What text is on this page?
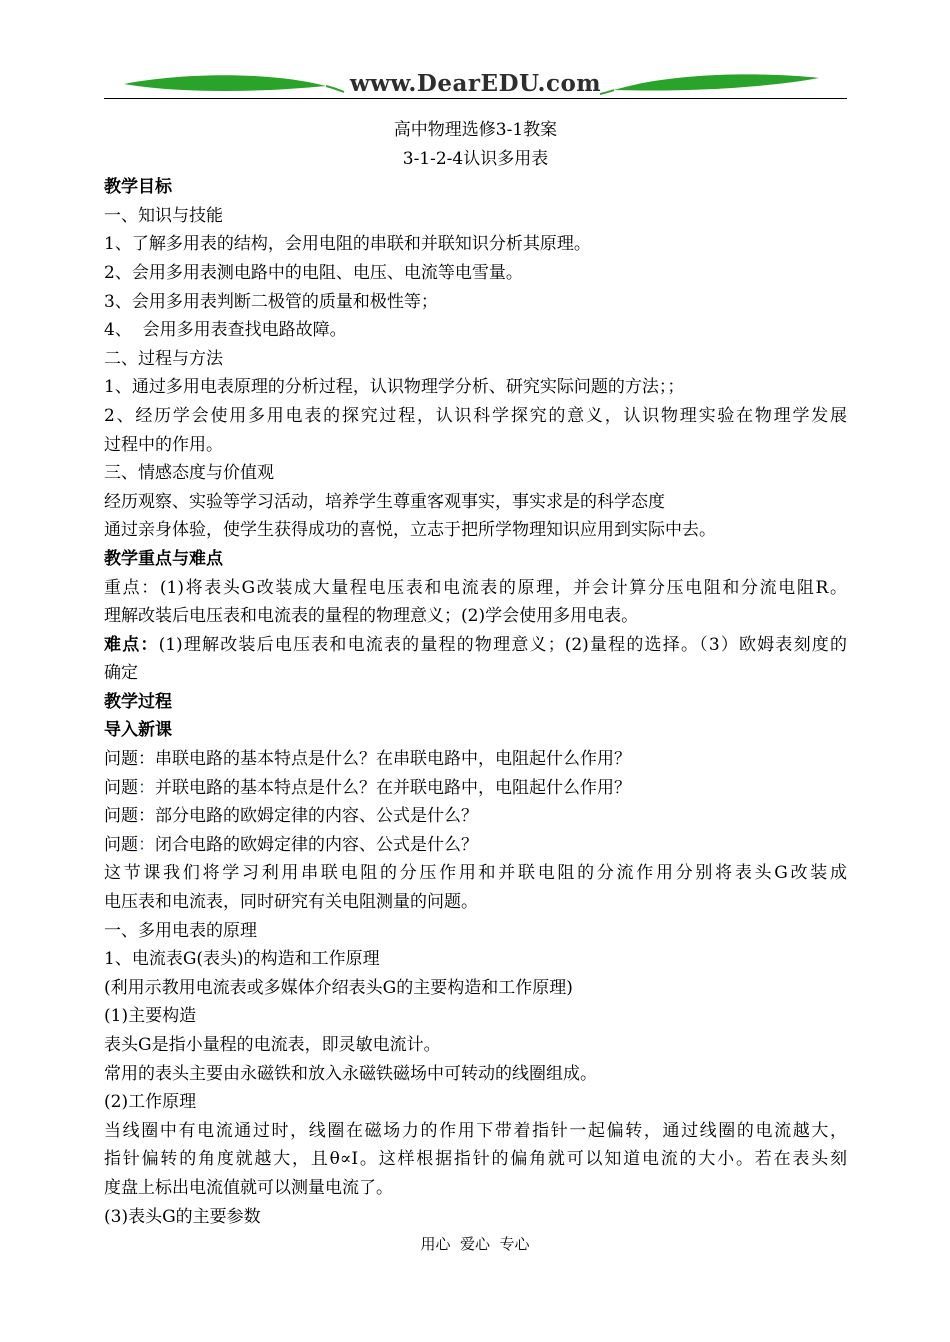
www.DearEDU.com
高中物理选修3-1教案
3-1-2-4认识多用表
教学目标
一、知识与技能
1、了解多用表的结构，会用电阻的串联和并联知识分析其原理。
2、会用多用表测电路中的电阻、电压、电流等电雪量。
3、会用多用表判断二极管的质量和极性等；
4、  会用多用表查找电路故障。
二、过程与方法
1、通过多用电表原理的分析过程，认识物理学分析、研究实际问题的方法；；
2、经历学会使用多用电表的探究过程，认识科学探究的意义，认识物理实验在物理学发展
过程中的作用。
三、情感态度与价值观
经历观察、实验等学习活动，培养学生尊重客观事实，事实求是的科学态度
通过亲身体验，使学生获得成功的喜悦，立志于把所学物理知识应用到实际中去。
教学重点与难点
重点：(1)将表头G改装成大量程电压表和电流表的原理，并会计算分压电阻和分流电阻R。
理解改装后电压表和电流表的量程的物理意义；(2)学会使用多用电表。
难点：(1)理解改装后电压表和电流表的量程的物理意义；(2)量程的选择。（3）欧姆表刻度的
确定
教学过程
导入新课
问题：串联电路的基本特点是什么？在串联电路中，电阻起什么作用？
问题：并联电路的基本特点是什么？在并联电路中，电阻起什么作用？
问题：部分电路的欧姆定律的内容、公式是什么？
问题：闭合电路的欧姆定律的内容、公式是什么？
这节课我们将学习利用串联电阻的分压作用和并联电阻的分流作用分别将表头G改装成
电压表和电流表，同时研究有关电阻测量的问题。
一、多用电表的原理
1、电流表G(表头)的构造和工作原理
(利用示教用电流表或多媒体介绍表头G的主要构造和工作原理)
(1)主要构造
表头G是指小量程的电流表，即灵敏电流计。
常用的表头主要由永磁铁和放入永磁铁磁场中可转动的线圈组成。
(2)工作原理
当线圈中有电流通过时，线圈在磁场力的作用下带着指针一起偏转，通过线圈的电流越大，
指针偏转的角度就越大，且θ∝I。这样根据指针的偏角就可以知道电流的大小。若在表头刻
度盘上标出电流值就可以测量电流了。
(3)表头G的主要参数
用心  爱心  专心
